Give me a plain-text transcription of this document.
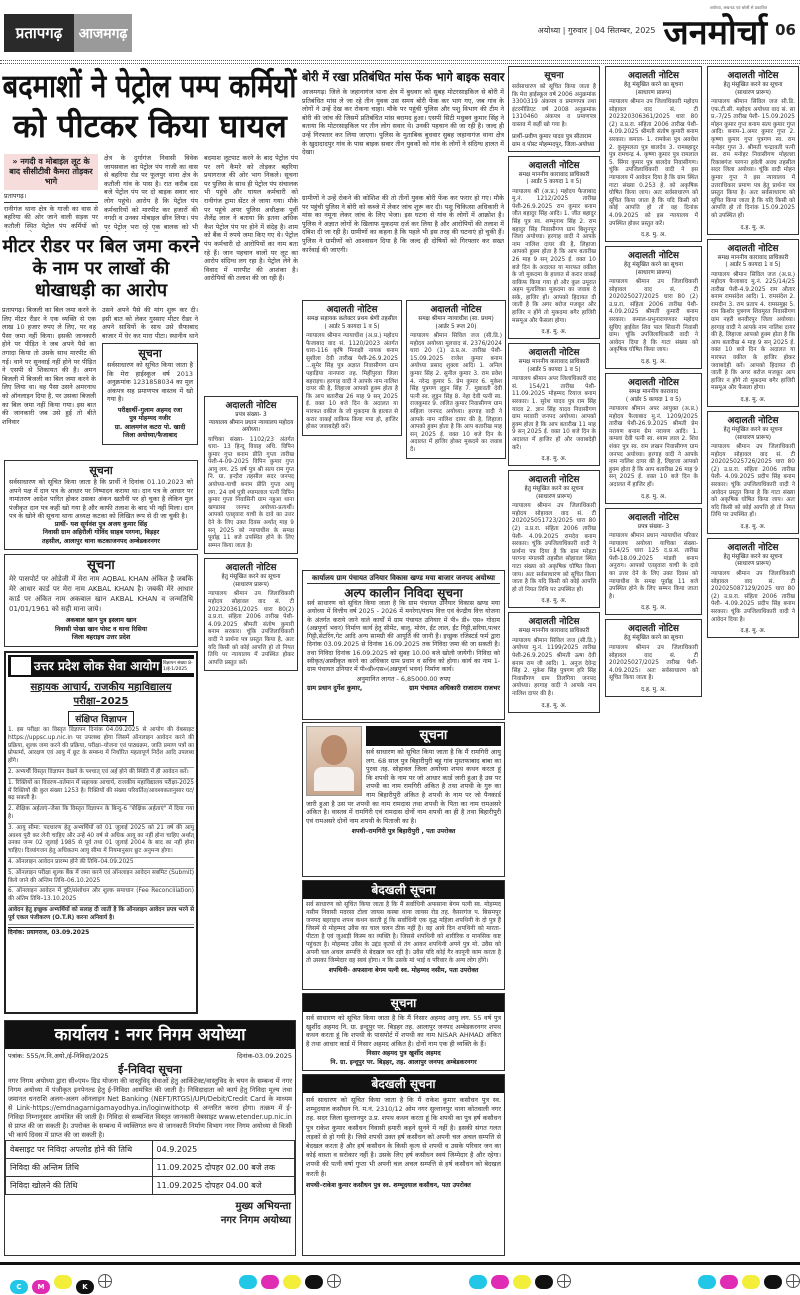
प्रतापगढ़	आजमगढ़	अयोध्या | गुरुवार | 04 सितम्बर, 2025
अयोध्या, लखनऊ एवं बरेली से प्रकाशित
जनमोर्चा 06
बदमाशों ने पेट्रोल पम्प कर्मियों
को पीटकर किया घायल
» नगदी व मोबाइल लूट के बाद सीसीटीवी कैमरा तोड़कर भागे
प्रतापगढ़।
रानीगंज थाना क्षेत्र के गाजी का वास से बहरिया की ओर जाने वाली सड़क पर कतौली स्थित पेट्रोल पंप कर्मियों को
क्षेत्र के दुर्गागंज निवासी विवेक जायसवाल का पेट्रोल पंप गाजी का वास से बहरिया रोड पर फूलपुर थाना क्षेत्र के कतौली गांव के पास है। रात करीब दस बजे पेट्रोल पंप पर दो बाइक सवार चार लोग पहुंचे। आरोप है कि पेट्रोल पंप कर्मचारियों को मारपीट कर हजारों की नगदी व उनका मोबाइल छीन लिया। पंप पर पेट्रोल भरा रहे एक बालक को भी
बदमाश लूटपाट करने के बाद पेट्रोल पंप पर लगे कैमरे को तोड़कर बहरिया प्रयागराज की ओर भाग निकले। सूचना पर पुलिस के साथ ही पेट्रोल पंप संचालक भी पहुंचे और घायल कर्मचारी को रानीगंज ट्रामा सेंटर ले जाया गया। मौके पर पहुंचे अपर पुलिस अधीक्षक पूर्वी शैलेंद्र लाल ने बताया कि इतना अधिक कैश पेट्रोल पंप पर होने में संदेह है। शाम को बैंक में रुपये जमा किए गए थे। पेट्रोल पंप कर्मचारी दो आरोपियों का नाम बता रहे हैं। जान पहचान वालों पर लूट का आरोप संदिग्ध लग रहा है। पेट्रोल लेने के विवाद में मारपीट की आशंका है। आरोपियों की तलाश की जा रही है।
मीटर रीडर पर बिल जमा करने के नाम पर लाखों की धोखाधड़ी का आरोप
प्रतापगढ़। बिजली का बिल जमा करने के लिए मीटर रीडर ने एक व्यक्ति से एक लाख 10 हजार रुपए ले लिए, पर वह पैसा जमा नहीं किया। इसकी जानकारी होने पर पीड़ित ने जब अपने पैसे का तगादा किया तो उसके साथ मारपीट की गई। थाने पर सुनवाई नहीं होने पर पीड़ित ने एसपी से शिकायत की है। अमन बिजली में बिजली का बिल जमा करने के लिए लिया था। वह पैसा उसने अमरनाथ को ऑनलाइन दिया है, पर उसका बिजली का बिल जमा नहीं किया गया। इस बात की जानकारी जब उसे हुई तो बीते शनिवार
उसने अपने पैसे की मांग शुरू कर दी। इसी बात को लेकर गुस्साए मीटर रीडर ने अपने साथियों के साथ उसे सैफाबाद बाजार में घेर कर मारा पीटा। स्थानीय थाने
सूचना
सर्वसाधारण को सूचित किया जाता है कि मेरा हाईस्कूल वर्ष 2013 अनुक्रमांक 1231858034 का मूल अंकपत्र सह प्रमाणपत्र वास्तव में खो गया है।
परीक्षार्थी–गुलाम अहमद रजा
पुत्र मोहम्मद नजीर
ग्रा. आलमगंज कटरा पो. खादी
जिला अयोध्या/फैजाबाद
सूचना
सर्वसाधारण को सूचित किया जाता है कि प्रार्थी ने दिनांक 01.10.2023 को अपने पक्ष में दान पत्र के आधार पर निष्पादन कराया था। दान पत्र के आधार पर नामांतरण आदेश पारित होकर उसका अंकन खतौनी पर हो चुका है लेकिन मूल पंजीकृत दान पत्र कहीं खो गया है और काफी तलाश के बाद भी नहीं मिला। दान पत्र के खोने की सूचना थाना अध्यक्ष कटका को लिखित रूप से दी जा चुकी है।
प्रार्थी- यश सूर्यवंश पुत्र अजय कुमार सिंह
निवासी ग्राम अहिरौली गोविंद साहब परगना, बिड़हर
तहसील, आलापुर थाना कटकाजनपद अम्बेडकरनगर
सूचना
मेरे पासपोर्ट पर ओडेजी में मेरा नाम AQBAL KHAN अंकित है जबकि मेरे आधार कार्ड पर मेरा नाम AKBAL KHAN है। जबकी मेरे आधार कार्ड पर अंकित नाम अकबाल खान AKBAL KHAN व जन्मतिथि 01/01/1961 को सही माना जाये।
अकबाल खान पुत्र इस्लाम खान
निवासी पोखा खान पोस्ट व थाना रिसिया
जिला बहराइच उत्तर प्रदेश
उत्तर प्रदेश लोक सेवा आयोग विज्ञापन संख्या 8-1/ई-1/2025
सहायक आचार्य, राजकीय महाविद्यालय
परीक्षा–2025
संक्षिप्त विज्ञापन
1. इस परीक्षा का विस्तृत विज्ञापन दिनांक 04.09.2025 से आयोग की वेबसाइट https://uppsc.up.nic.in पर उपलब्ध होगा जिसमें ऑनलाइन आवेदन करने की प्रक्रिया, शुल्क जमा करने की प्रक्रिया, परीक्षा–योजना एवं पाठ्यक्रम, जाति प्रमाण पत्रों का प्रोफार्मा, आरक्षण एवं आयु में छूट के सम्बन्ध में निर्धारित महत्वपूर्ण निर्देश आदि उपलब्ध होंगे।
2. अभ्यर्थी विस्तृत विज्ञापन देखने के पश्चात् एवं अर्ह होने की स्थिति में ही आवेदन करें।
1. रिक्तियों का विवरण–वर्तमान में सहायक आचार्य, राजकीय महाविद्यालय परीक्षा-2025 में रिक्तियों की कुल संख्या 1253 है। रिक्तियों की संख्या परिवर्तित/आवश्यकतानुसार घट/बढ़ सकती है।
2. शैक्षिक अर्हताएं–जैसा कि विस्तृत विज्ञापन के बिन्दु-6 "शैक्षिक अर्हताएं" में दिया गया है।
3. आयु सीमा: पदधारण हेतु अभ्यर्थियों को 01 जुलाई 2025 को 21 वर्ष की आयु अवश्य पूरी कर लेनी चाहिए और उन्हें 40 वर्ष से अधिक आयु का नहीं होना चाहिए अर्थात् उनका जन्म 02 जुलाई 1985 से पूर्व तथा 01 जुलाई 2004 के बाद का नहीं होना चाहिए। दिव्यांगजन हेतु अधिकतम आयु सीमा में नियमानुसार छूट अनुमन्य होगा।
4. ऑनलाइन आवेदन प्रारम्भ होने की तिथि–04.09.2025
5. ऑनलाइन परीक्षा शुल्क बैंक में जमा करने एवं ऑनलाइन आवेदन सबमिट (Submit) किये जाने की अन्तिम तिथि–06.10.2025
6. ऑनलाइन आवेदन में त्रुटि/संशोधन और शुल्क समाधान (Fee Reconciliation) की अंतिम तिथि–13.10.2025
आवेदन हेतु इच्छुक अभ्यर्थियों को सलाह दी जाती है कि ऑनलाइन आवेदन प्रपत्र भरने से पूर्व एकल पंजीकरण (O.T.R) करना अनिवार्य है।
दिनांक: प्रयागराज, 03.09.2025
अदालती नोटिस
प्रपत्र संख्या- 3
न्यायालय श्रीमान प्रधान न्यायालय महोदय अयोध्या।
याचिका संख्या- 1102/23 अंतर्गत धारा- 13 हिन्दू विवाह अधि. विपिन कुमार गुप्त बनाम प्रीति गुप्ता तारीख पेशी-4-09-2025 विपिन कुमार गुप्त आयु लग. 25 वर्ष पुत्र श्री सत्य राम गुप्त नि. ग्रा. इन्दौरा तहसील सदर जनपद अयोध्या-याची बनाम प्रीति गुप्ता आयु लग. 24 वर्ष पुत्री श्यामलाल पत्नी विपिन कुमार गुप्ता निवासिनी ग्राम नहुआ थाना खण्डासा जनपद अयोध्या-प्रत्यर्थी। आपको एतद्द्वारा याची के दावे का उत्तर देने के लिए उक्त दिवस अर्थात् माह 9 सन् 2025 को न्यायाधीश के समक्ष पूर्वाह्न 11 बजे उपस्थित होने के लिए सम्मन किया जाता है।
अदालती नोटिस
हेतु मंसूखित करने का सूचना
(साधारण प्रारूप)
न्यायालय श्रीमान उप जिलाधिकारी महोदय सोहावल वाद सं. टी 202320361/2025 धारा 80(2) उ.प्र.रा. संहिता 2006 तारीख पेशी- 4.09.2025 श्रीमती संतोष कुमारी बनाम सरकार। चूंकि उपजिलाधिकारी वादी ने प्रार्थना पत्र प्रस्तुत किया है, अतः यदि किसी को कोई आपत्ति हो तो नियत तिथि पर न्यायालय में उपस्थित होकर आपत्ति प्रस्तुत करें।
कार्यालय : नगर निगम अयोध्या
पत्रांक: 555/न.नि.अयो./ई-निविदा/2025	दिनांक-03.09.2025
ई-निविदा सूचना
नगर निगम अयोध्या द्वारा सी०एम० ग्रिड योजना की वास्तुविद् सेवाओं हेतु आर्किटेक्ट/वास्तुविद के चयन के सम्बन्ध में नगर निगम अयोध्या में पंजीकृत इनपेनल्ड हेतु ई-निविदा आमंत्रित की जाती है। निविदादाता को कार्य हेतु निविदा मूल्य तथा जमानत धनराशि अलग-अलग ऑनलाइन Net Banking (NEFT/RTGS)/UPI/Debit/Credit Card के माध्यम से Link-https://emdnagarnigamayodhya.in/loginwithotp से अन्तरित करना होगा। तत्क्रम में ई-निविदा निम्नानुसार आमंत्रित की जाती है। निविदा से सम्बन्धित विस्तृत जानकारी वेबसाइट www.etender.up.nic.in से प्राप्त की जा सकती है। उपरोक्त के सम्बन्ध में व्यक्तिगत रूप से जानकारी निर्माण विभाग नगर निगम अयोध्या से किसी भी कार्य दिवस में प्राप्त की जा सकती है।
वेबसाइट पर निविदा अपलोड होने की तिथि	04.9.2025
निविदा की अन्तिम तिथि	11.09.2025 दोपहर 02.00 बजे तक
निविदा खोलने की तिथि	11.09.2025 दोपहर 04.00 बजे
मुख्य अभियन्ता
नगर निगम अयोध्या
बोरी में रखा प्रतिबंधित मांस फेंक भागे बाइक सवार
आजमगढ़। जिले के जहानागंज थाना क्षेत्र में बुधवार को सुबह मोटरसाइकिल से बोरी में प्रतिबंधित मांस ले जा रहे तीन युवक उस समय बोरी फेंक कर भाग गए, जब गांव के लोगों ने उन्हें देख कर रोकना चाहा। मौके पर पहुंची पुलिस और पशु विभाग की टीम ने बोरी की जांच की जिसमें प्रतिबंधित मांस बरामद हुआ। एसपी सिटी मधुबन कुमार सिंह ने बताया कि मोटरसाइकिल पर तीन लोग सवार थे। उनकी पहचान की जा रही है। जल्द ही उन्हें गिरफ्तार कर लिया जाएगा। पुलिस के मुताबिक बुधवार सुबह जहानागंज थाना क्षेत्र के खुदादादपुर गांव के पास बाइक सवार तीन युवकों को गांव के लोगों ने संदिग्ध हालत में देखा।
ग्रामीणों ने उन्हें रोकने की कोशिश की तो तीनों युवक बोरी फेंक कर फरार हो गए। मौके पर पहुंची पुलिस ने बोरी को कब्जे में लेकर जांच शुरू कर दी। पशु चिकित्सा अधिकारी ने मांस का नमूना लेकर जांच के लिए भेजा। इस घटना से गांव के लोगों में आक्रोश है। पुलिस ने अज्ञात लोगों के खिलाफ मुकदमा दर्ज कर लिया है और आरोपियों की तलाश में दबिश दी जा रही है। ग्रामीणों का कहना है कि पहले भी इस तरह की घटनाएं हो चुकी हैं। पुलिस ने ग्रामीणों को आश्वासन दिया है कि जल्द ही दोषियों को गिरफ्तार कर सख्त कार्रवाई की जाएगी।
अदालती नोटिस
समक्ष सहायक कलेक्टर प्रथम श्रेणी तहसील
( आर्डर 5 कायदा 1 व 5)
न्यायालय श्रीमान न्यायाधीश (अ.प्र.) महोदय फैजाबाद वाद सं. 1120/2023 अंतर्गत धारा-116 कृषि मिनाक्षी नायक बनाम सुशीला देवी तारीख पेशी-26.9.2025 ...सुमेर सिंह पुत्र अज्ञात निवासीगण ग्राम पहाड़िया नानपारा तह. मिहींपुरवा जिला बहराइच। हरगाह वादी ने आपके नाम नालिश दायर की है, लिहाजा आपको हुक्म होता है कि आप बतारीख 26 माह 9 सन् 2025 ई. वक्त 10 बजे दिन के अदालत या मारफत वकील के जो मुकदमा के हालात से करार वाकई वाकिफ किया गया हो, हाजिर होकर जवाबदेही करें।
अदालती नोटिस
समक्ष श्रीमान न्यायाधीश (सा. प्रथम)
(आर्डर 5 रूल 20)
न्यायालय श्रीमान सिविल जज (सी.डि.) महोदय अयोध्या मूलवाद सं. 2376/2024 धारा 20 (1) उ.प्र.अ. तारीख पेशी- 15.09.2025 राजेश कुमार बनाम अयोध्या प्रसाद शुक्ला आदि। 1. अनिल कुमार सिंह 2. सुनील कुमार 3. राम प्रवेश 4. नरेन्द्र कुमार 5. प्रेम कुमार 6. मुकेश सिंह पुत्रगण लुट्टन सिंह 7. मुन्नावती देवी पत्नी स्व. लुट्टन सिंह 8. नेहा देवी पत्नी स्व. राजकुमार 9. ललित कुमार निवासीगण ग्राम सहिला जनपद अयोध्या। हरगाह वादी ने आपके नाम नालिश दायर की है, लिहाजा आपको हुक्म होता है कि आप बतारीख माह सन् 2025 ई. वक्त 10 बजे दिन के अदालत में हाजिर होकर मुकदमे का जवाब दें।
कार्यालय ग्राम पंचायत उनियार विकास खण्ड मया बाजार जनपद अयोध्या
अल्प कालीन निविदा सूचना
सर्व साधारण को सूचित किया जाता है कि ग्राम पंचायत उनियार विकास खण्ड मया अयोध्या में वित्तीय वर्ष 2025 - 2026 में मनरेगा/पंचम वित्त एवं केन्द्रीय वित्त योजना के अंतर्गत कराये जाने वाले कार्यों में ग्राम पंचायत उनियार में पी० डी० एस० गोदाम (अन्नपूर्णा भवन) निर्माण कार्य हेतु सीमेंट, बालू, मोरंग, ईंट लाल, ईंट गिट्टी,सरिया,पत्थर गिट्टी,सेटरिंग,गेट आदि अन्य सामग्री की आपूर्ति की जानी है। इच्छुक रजिस्टर्ड फर्म द्वारा दिनांक 03.09.2025 से दिनांक 16.09.2025 तक निविदा जमा की जा सकती है। तथा निविदा दिनांक 16.09.2025 को सुबह 10.00 बजे खोली जायेगी। निविदा को स्वीकृत/अस्वीकृत करने का अधिकार ग्राम प्रधान व सचिव को होगा। कार्य का नाम 1-ग्राम पंचायत उनियार में पी०डी०एस०(अन्नपूर्णा भवन) निर्माण कार्य।
अनुमानित लागत - 6,85000.00 रुपए
ग्राम प्रधान दुर्गेश कुमार,	ग्राम पंचायत अधिकारी राजाराम राजभर
सूचना
सर्व साधारण को सूचित किया जाता है कि मैं रामगिरी आयु लग. 68 साल पुत्र बिहारीपुरी बहू गांव मुस्तफाबाद बाबा का पुरवा तह. सोहावल जिला अयोध्या शपथ कथन करता हूं कि शपथी के नाम पर जो आधार कार्ड जारी हुआ है उस पर शपथी का नाम रामगिरी अंकित है तथा शपथी के गुरु का नाम बिहारीपुरी अंकित है शपथी के नाम पर जो पैनकार्ड जारी हुआ है उस पर शपथी का नाम रामदास तथा शपथी के पिता का नाम रामअसरे अंकित है। वास्तव में रामगिरी एवं रामदास दोनों नाम शपथी का ही है तथा बिहारीपुरी एवं रामअसरे दोनों नाम शपथी के पिताजी का है।
शपथी–रामगिरी पुत्र बिहारीपुरी , पता उपरोक्त
बेदखली सूचना
सर्व साधारण को सूचित किया जाता है कि मैं सर्वाधिनी अफसाना बेगम पत्नी स्व. मोहम्मद नसीम निवासी मदरसा टोला जायस कस्बा थाना जायस रोड तह. कैसरगंज प. बिसमपुर जनपद बहराइच शपथ कथन करती हूं कि सर्वाधिनी एक वृद्ध महिला शपथिनी के दो पुत्र हैं जिसमें से मोहम्मद उवैस का चाल चलन ठीक नहीं है। वह आये दिन शपथिनी को मारता-पीटता है एवं जुआड़ी किस्म का व्यक्ति है। जिससे शपथिनी को शारीरिक व मानसिक कष्ट पहुंचता है। मोहम्मद उवैस के उद्दंड कृत्यों से तंग आकर शपथिनी अपने पुत्र मो. उवैस को अपनी चल अचल सम्पत्ति से बेदखल कर रही है। उवैस यदि कोई गैर कानूनी काम करता है तो उसका जिम्मेदार वह स्वयं होगा। न कि उसके मां भाई व परिवार के अन्य लोग होंगे।
शपथिनी- अफसाना बेगम पत्नी स्व. मोहम्मद नसीम, पता उपरोक्त
सूचना
सर्व साधारण को सूचित किया जाता है कि मैं निसार अहमद आयु लग. 55 वर्ष पुत्र खुर्शीद अहमद नि. ग्रा. इन्दूपुर पर. बिड़हर तह. आलापुर जनपद अम्बेडकरनगर शपथ कथन करता हूं कि शपथी के पासपोर्ट में शपथी का नाम NISAR AHMAD अंकित है तथा आधार कार्ड में निसार अहमद अंकित है। दोनों नाम एक ही व्यक्ति के हैं।
निसार अहमद पुत्र खुर्शीद अहमद
नि. ग्रा. इन्दूपुर पर. बिड़हर, तह. आलापुर जनपद अम्बेडकरनगर
बेदखली सूचना
सर्व साधारण को सूचित किया जाता है कि मैं राकेश कुमार कसौधन पुत्र स्व. शम्भूदयाल कसौधन नि. म.नं. 2310/12 ओम नगर सुल्तानपुर थाना कोतवाली नगर तह. सदर जिला सुल्तानपुर उ.प्र. शपथ कथन करता हूं कि शपथी का पुत्र हर्ष कसौधन पुत्र राकेश कुमार कसौधन निवासी हमारी कहने सुनने में नहीं है। इसकी संगत गलत लड़कों से हो गयी है। जिसे शपथी उक्त हर्ष कसौधन को अपनी चल अचल सम्पत्ति से बेदखल करता है और हर्ष कसौधन के किसी कृत्य से शपथी व उसके परिवार जन का कोई वास्ता व सरोकार नहीं है। उसके लिए हर्ष कसौधन स्वयं जिम्मेदार है और रहेगा। शपथी की पत्नी वर्षा गुप्ता भी अपनी चल अचल सम्पत्ति से हर्ष कसौधन को बेदखल करती है।
शपथी–राकेश कुमार कसौधन पुत्र स्व. शम्भूदयाल कसौधन, पता उपरोक्त
सूचना
सर्वसाधारण को सूचित किया जाता है कि मेरा हाईस्कूल वर्ष 2006 अनुक्रमांक 3300319 अंकपत्र व प्रमाणपत्र तथा इंटरमीडिएट वर्ष 2008 अनुक्रमांक 1310460 अंकपत्र व प्रमाणपत्र वास्तव में कहीं खो गया है।
प्रार्थी–प्रवीण कुमार यादव पुत्र सीताराम ग्राम व पोस्ट मोहम्मदपुर, जिला-अयोध्या
अदालती नोटिस
समक्ष माननीय कारावाद प्राधिकारी
( आर्डर 5 कायदा 1 व 5)
न्यायालय श्री (अ.प्र.) महोदय फैजाबाद मु.नं. 1212/2025 तारीख पेशी-26.9.2025 राम कुमार बनाम जीत बहादुर सिंह आदि। 1. जीत बहादुर सिंह पुत्र स्व. शम्भूनाथ सिंह 2. राम बहादुर सिंह निवासीगण ग्राम बिशुनपुर जिला अयोध्या। हरगाह वादी ने आपके नाम नालिश दायर की है, लिहाजा आपको हुक्म होता है कि आप बतारीख 26 माह 9 सन् 2025 ई. वक्त 10 बजे दिन के अदालत या मारफत वकील के जो मुकदमा के हालात से करार वाकई वाकिफ किया गया हो और कुल उमूरात अहम मुतालिका मुकदमा का जवाब दे सके, हाजिर हों। आपको हिदायत दी जाती है कि अगर बरोज मजकूर और हाजिर न होंगे तो मुकदमा बगैर हाजिरी मसमूअ और फैसला होगा।
द.ह. मु. अ.
अदालती नोटिस
समक्ष माननीय कारावाद प्राधिकारी
(आर्डर 5 कायदा 1 व 5)
न्यायालय श्रीमान अपर जिलाधिकारी वाद सं. 154/21 तारीख पेशी- 11.09.2025 मोहम्मद रियाज बनाम सरकार। 1. सुरेश यादव पुत्र राम सिंह यादव 2. ज्ञान सिंह यादव निवासीगण ग्राम मरवारी जनपद अयोध्या। आपको हुक्म होता है कि आप बतारीख 11 माह 9 सन् 2025 ई. वक्त 10 बजे दिन के अदालत में हाजिर हों और जवाबदेही करें।
द.ह. मु. अ.
अदालती नोटिस
हेतु मंसूखित करने का सूचना
(साधारण प्रारूप)
न्यायालय श्रीमान उप जिलाधिकारी महोदय सोहावल वाद सं. टी 202025051723/2025 धारा 80 (2) उ.प्र.रा. संहिता 2006 तारीख पेशी- 4.09.2025 रामदेव बनाम सरकार। चूंकि उपजिलाधिकारी वादी ने प्रार्थना पत्र दिया है कि ग्राम मरेहटा परगना मंगलसी तहसील सोहावल स्थित गाटा संख्या को अकृषिक घोषित किया जाय। अतः सर्वसाधारण को सूचित किया जाता है कि यदि किसी को कोई आपत्ति हो तो नियत तिथि पर उपस्थित हों।
द.ह. मु. अ.
अदालती नोटिस
समक्ष माननीय कारावाद प्राधिकारी
न्यायालय श्रीमान सिविल जज (सी.डि.) अयोध्या मु.नं. 1199/2025 तारीख पेशी-26.9.2025 श्रीमती ऊषा देवी बनाम राम जी आदि। 1. अनुज देवेन्द्र सिंह 2. मुकेश सिंह पुत्रगण हरि सिंह निवासीगण ग्राम तिलगिया जनपद अयोध्या। हरगाह वादी ने आपके नाम नालिश दायर की है।
द.ह. मु. अ.
अदालती नोटिस
हेतु मंसूखित करने का सूचना
(साधारण प्रारूप)
न्यायालय श्रीमान उप जिलाधिकारी महोदय सोहावल वाद सं. टी 202320306361/2025 धारा 80 (2) उ.प्र.रा. संहिता 2006 तारीख पेशी- 4.09.2025 श्रीमती संतोष कुमारी बनाम सरकार। कमाल- 1. रामकेश पुत्र अवधेश 2. कुसुमलता पुत्र बालदेव 3. रामबहादुर पुत्र रामचन्द्र 4. कृष्णा कुमार पुत्र रामलाल 5. सिंगर कुमार पुत्र बालदेव निवासीगण। चूंकि उपजिलाधिकारी वादी ने इस न्यायालय में आवेदन दिया है कि ग्राम स्थित गाटा संख्या 0.253 हे. को अकृषिक घोषित किया जाय। अतः सर्वसाधारण को सूचित किया जाता है कि यदि किसी को कोई आपत्ति हो तो वह दिनांक 4.09.2025 को इस न्यायालय में उपस्थित होकर प्रस्तुत करें।
द.ह. मु. अ.
अदालती नोटिस
हेतु मंसूखित करने का सूचना
(साधारण प्रारूप)
न्यायालय श्रीमान उप जिलाधिकारी सोहावल वाद सं. टी 202025027/2025 धारा 80 (2) उ.प्र.रा. संहिता 2006 तारीख पेशी- 4.09.2025 श्रीमती कुमारी बनाम सरकार। कमाल-प्रभुनारायणवर महोदय सुधिए हाईवेल शिव पाल शिवानी निवासी ग्राम। चूंकि उपजिलाधिकारी वादी ने आवेदन दिया है कि गाटा संख्या को अकृषिक घोषित किया जाय।
द.ह. मु. अ.
अदालती नोटिस
समक्ष माननीय कारावाद
( आर्डर 5 कायदा 1 व 5)
न्यायालय श्रीमान अपर आयुक्त (अ.प्र.) महोदय फैजाबाद मु.नं. 1209/2025 तारीख पेशी-26.9.2025 श्रीमती प्रेम नरायण बनाम ग्रेम नरायण आदि। 1. कमला देवी पत्नी स्व. श्याम लाल 2. शिव शंकर पुत्र स्व. राम लखन निवासीगण ग्राम जनपद अयोध्या। हरगाह वादी ने आपके नाम नालिश दायर की है, लिहाजा आपको हुक्म होता है कि आप बतारीख 26 माह 9 सन् 2025 ई. वक्त 10 बजे दिन के अदालत में हाजिर हों।
द.ह. मु. अ.
अदालती नोटिस
प्रपत्र संख्या- 3
न्यायालय श्रीमान प्रधान न्यायाधीश परिवार न्यायालय अयोध्या याचिका संख्या- 514/25 धारा 125 द.प्र.सं. तारीख पेशी-18.09.2025 मांडवी बनाम अनुराग। आपको एतद्द्वारा याची के दावे का उत्तर देने के लिए उक्त दिवस को न्यायाधीश के समक्ष पूर्वाह्न 11 बजे उपस्थित होने के लिए सम्मन किया जाता है।
द.ह. मु. अ.
अदालती नोटिस
हेतु मंसूखित करने का सूचना
न्यायालय श्रीमान उप जिलाधिकारी सोहावल वाद सं. टी 202025027/2025 तारीख पेशी- 4.09.2025। अतः सर्वसाधारण को सूचित किया जाता है।
द.ह. मु. अ.
अदालती नोटिस
हेतु मंसूखित करने का सूचना
(साधारण प्रारूप)
न्यायालय श्रीमान सिविल जज सी.डि. एफ.टी.सी. महोदय अयोध्या वाद सं. सा प्र.-7/25 तारीख पेशी- 15.09.2025 मोहन कुमार गुप्त बनाम सत्य कुमार गुप्त आदि। बनाम-1.अमर कुमार गुप्त 2. कृष्णा कुमार गुप्त पुत्रगण स्व. राम मनोहर गुप्त 3. श्रीमती चन्द्रावती पत्नी स्व. राम मनोहर निवासीगण मोहल्ला रिकाबगंज परगना हवेली अवध तहसील सदर जिला अयोध्या। चूंकि वादी मोहन कुमार गुप्त ने इस न्यायालय में उत्तराधिकार प्रमाण पत्र हेतु प्रार्थना पत्र प्रस्तुत किया है। अतः सर्वसाधारण को सूचित किया जाता है कि यदि किसी को आपत्ति हो तो दिनांक 15.09.2025 को उपस्थित हों।
द.ह. मु. अ.
अदालती नोटिस
समक्ष माननीय कारावाद प्राधिकारी
( आर्डर 5 कायदा 1 व 5)
न्यायालय श्रीमान सिविल जज (अ.प्र.) महोदय फैजाबाद मु.नं. 225/14/25 तारीख पेशी-4.9.2025 राम औतार बनाम रामसंदेश आदि। 1. रामसंदेश 2. रामदीन 3. राम प्रताप 4. रामसमुझ 5. राम किशोर पुत्रगण शिवमूरत निवासीगण ग्राम नहरी बनवीरपुर जिला अयोध्या। हरगाह वादी ने आपके नाम नालिश दायर की है, लिहाजा आपको हुक्म होता है कि आप बतारीख 4 माह 9 सन् 2025 ई. वक्त 10 बजे दिन के अदालत या मारफत वकील के हाजिर होकर जवाबदेही करें। आपको हिदायत दी जाती है कि अगर बरोज मजकूर आप हाजिर न होंगे तो मुकदमा बगैर हाजिरी मसमूअ और फैसला होगा।
द.ह. मु. अ.
अदालती नोटिस
हेतु मंसूखित करने का सूचना
(साधारण प्रारूप)
न्यायालय श्रीमान उप जिलाधिकारी महोदय सोहावल वाद सं. टी 202025025726/2025 धारा 80 (2) उ.प्र.रा. संहिता 2006 तारीख पेशी- 4.09.2025 प्रदीप सिंह बनाम सरकार। चूंकि उपजिलाधिकारी वादी ने आवेदन प्रस्तुत किया है कि गाटा संख्या को अकृषिक घोषित किया जाय। अतः यदि किसी को कोई आपत्ति हो तो नियत तिथि पर उपस्थित हों।
द.ह. मु. अ.
अदालती नोटिस
हेतु मंसूखित करने का सूचना
(साधारण प्रारूप)
न्यायालय श्रीमान उप जिलाधिकारी सोहावल वाद सं. टी 202025087129/2025 धारा 80 (2) उ.प्र.रा. संहिता 2006 तारीख पेशी- 4.09.2025 प्रदीप सिंह बनाम सरकार। चूंकि उपजिलाधिकारी वादी ने आवेदन दिया है।
द.ह. मु. अ.
C M	K
